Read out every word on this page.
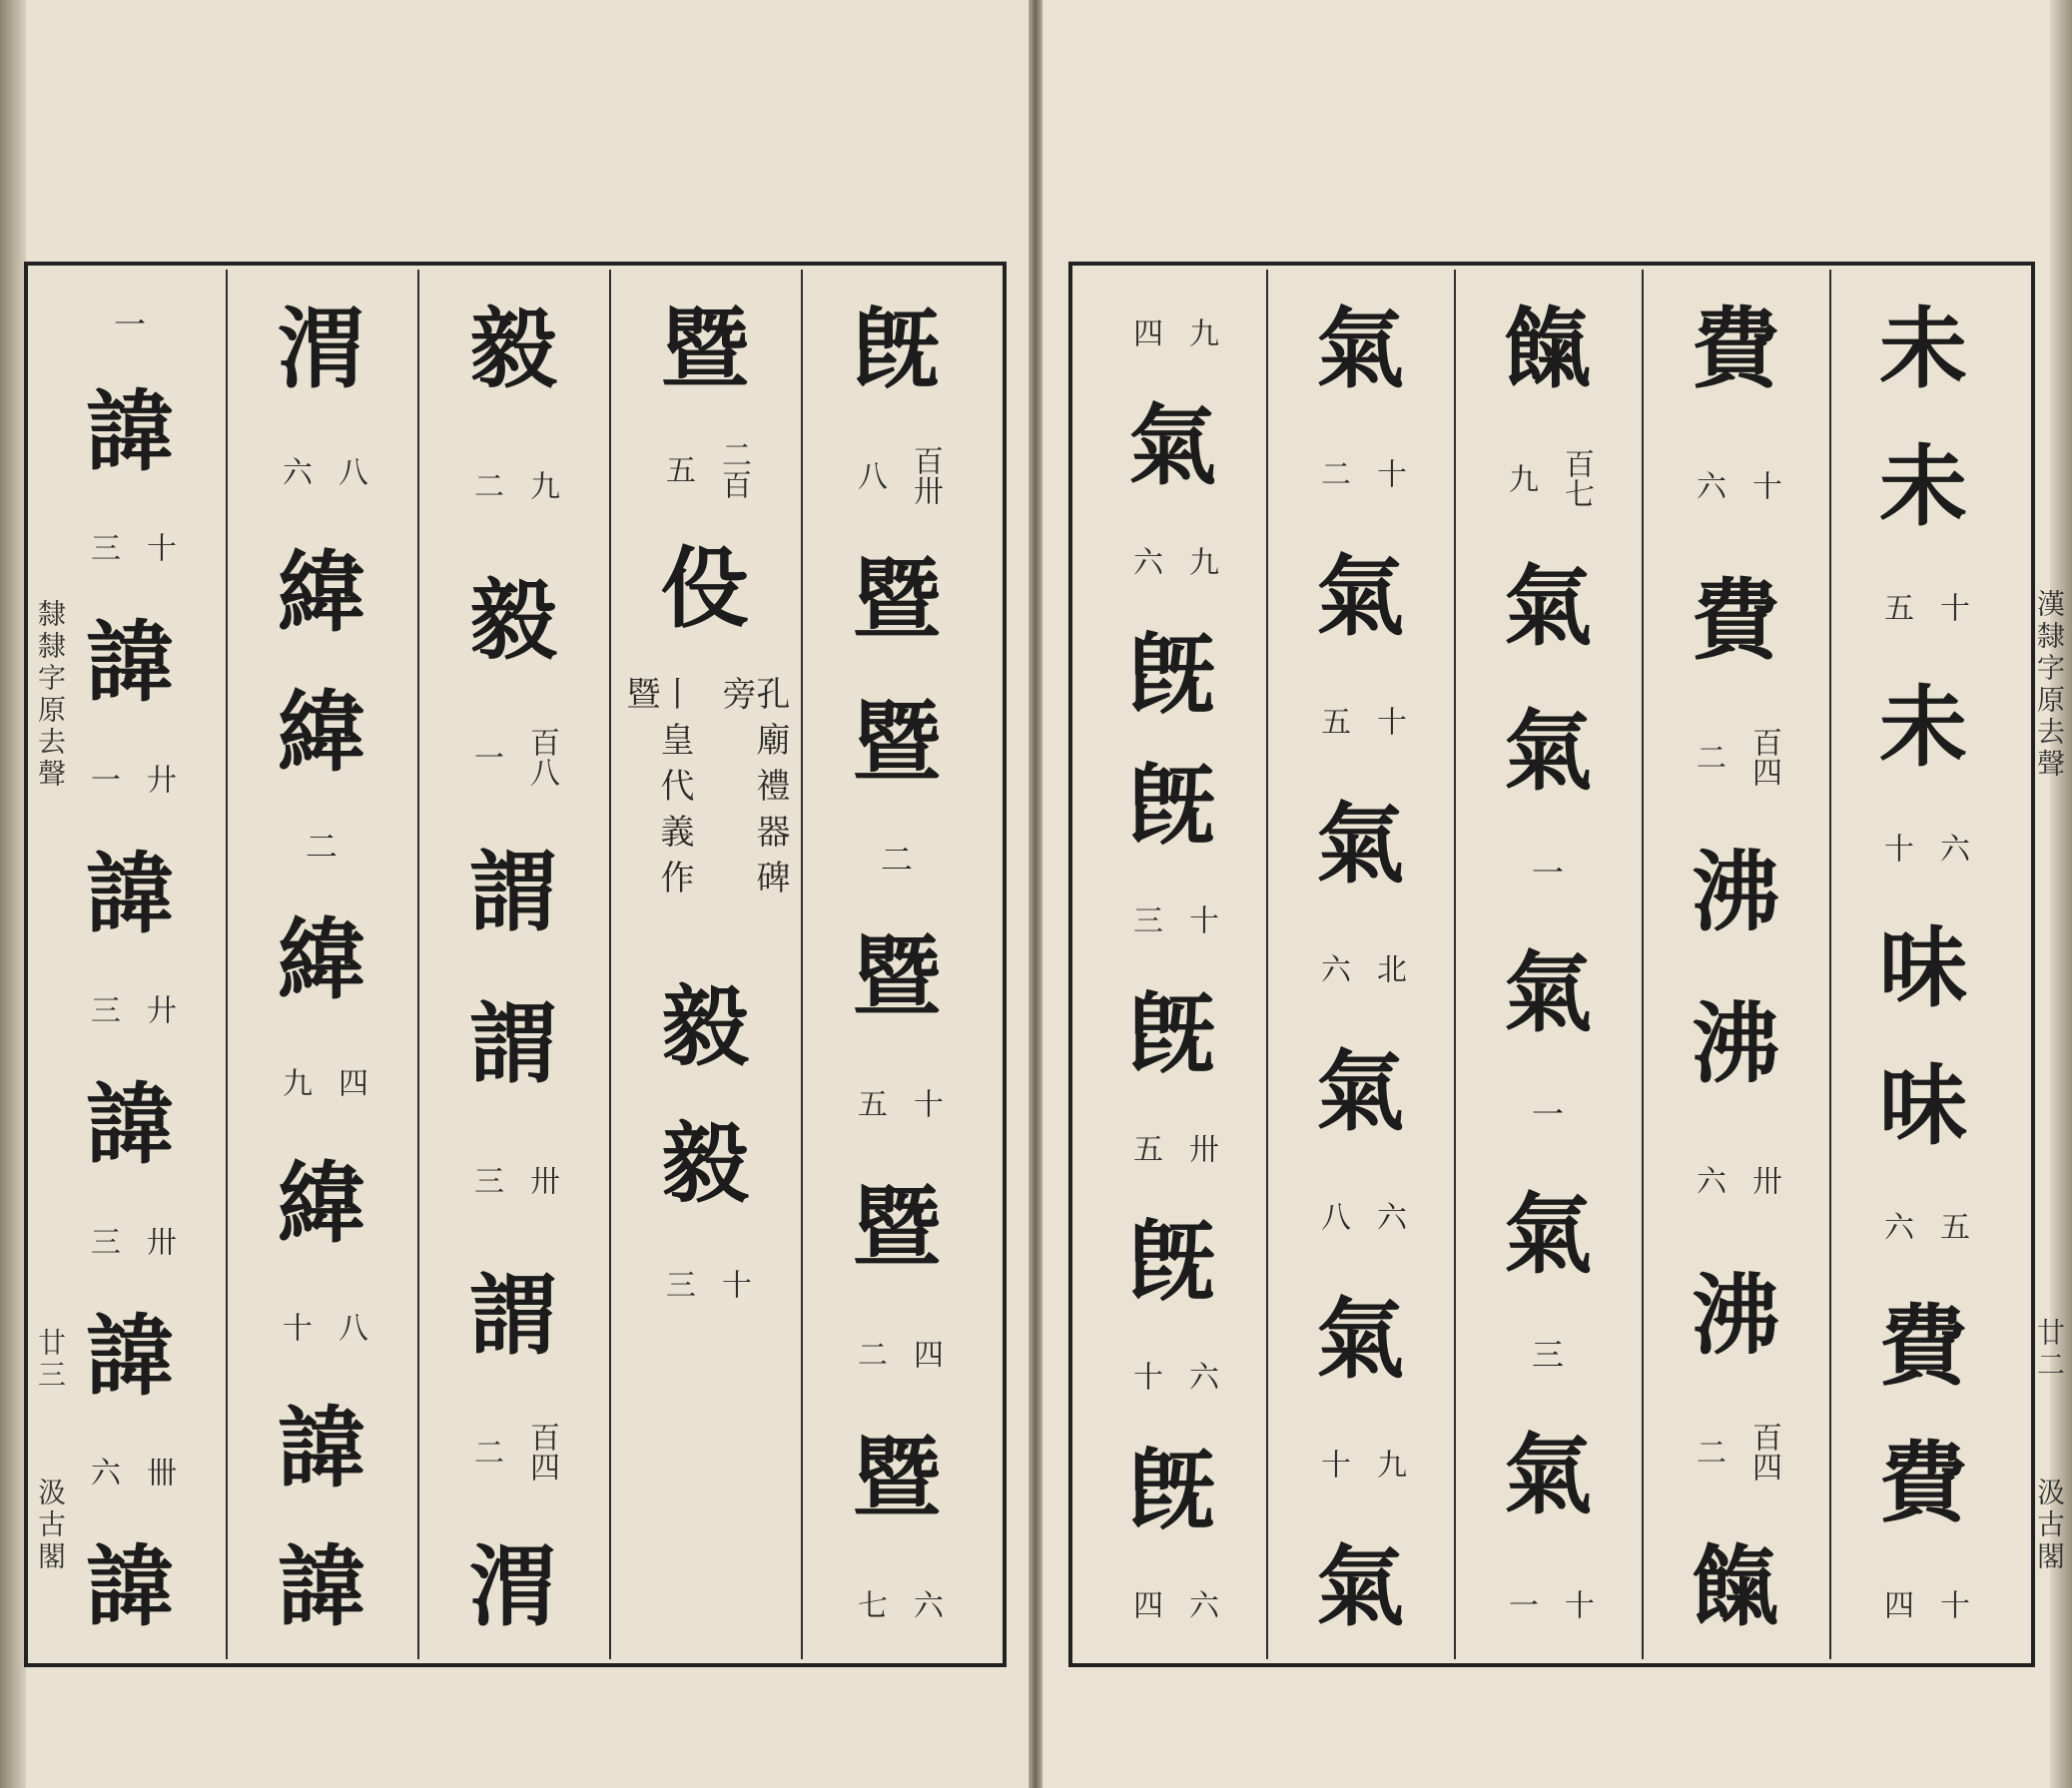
隸隸字原去聲
廿三
汲古閣
漢隸字原去聲
廿二
汲古閣
未
未
五 十
未
十 六
味
味
六 五
費
費
四 十
費
六 十
費
二 百四
沸
沸
六 卅
沸
二 百四
餼
餼
九 百七
氣
氣
一
氣
一
氣
三
氣
一 十
氣
二 十
氣
五 十
氣
六 北
氣
八 六
氣
十 九
氣
四 九
氣
六 九
旣
旣
三 十
旣
五 卅
旣
十 六
旣
四 六
旣
八 百卅
暨
暨
二
暨
五 十
暨
二 四
暨
七 六
暨
五 二百
伇
孔廟禮器碑旁
丨皇代義作暨
毅
毅
三 十
毅
二 九
毅
一 百八
謂
謂
三 卅
謂
二 百四
渭
渭
六 八
緯
緯
二
緯
九 四
緯
十 八
諱
諱
一
諱
三 十
諱
一 廾
諱
三 廾
諱
三 卅
諱
六 卌
諱
